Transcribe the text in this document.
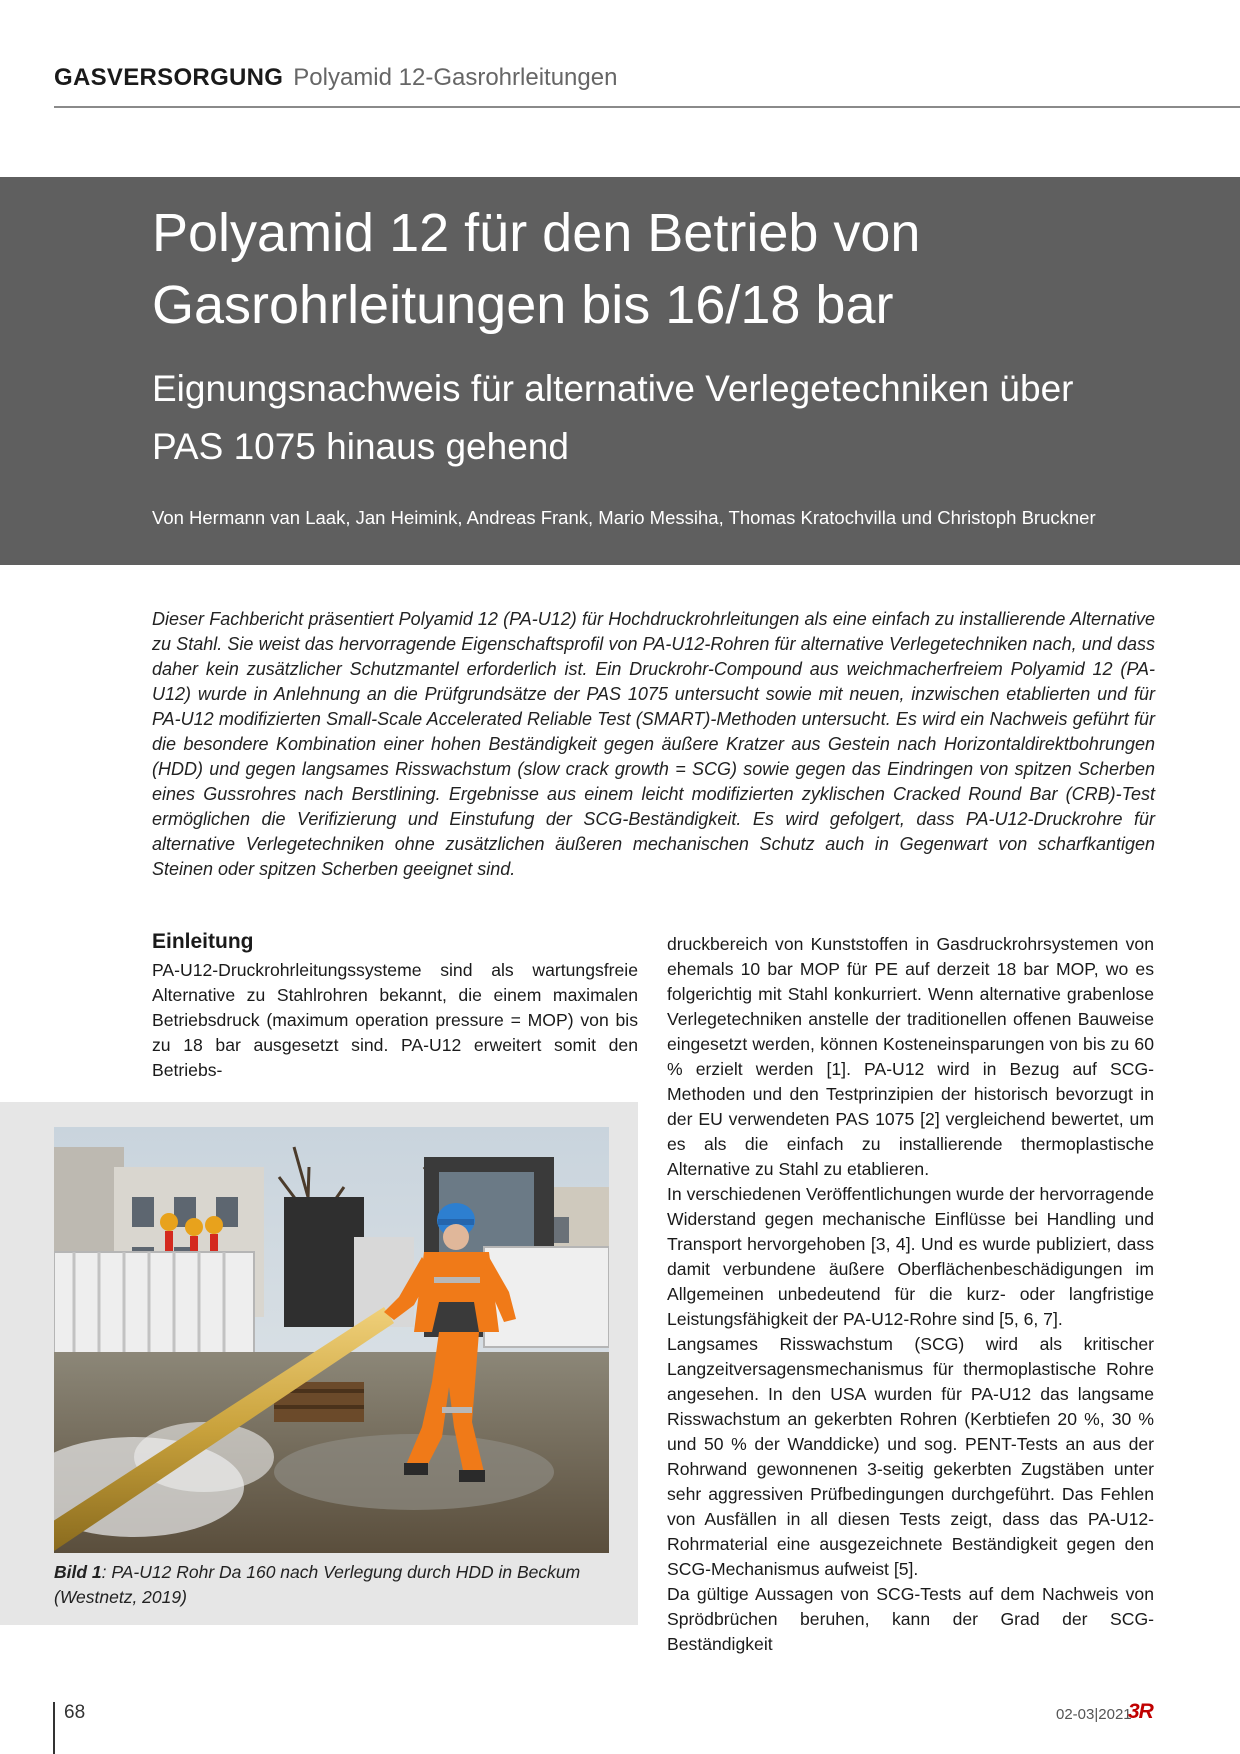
GASVERSORGUNG Polyamid 12-Gasrohrleitungen
Polyamid 12 für den Betrieb von
Gasrohrleitungen bis 16/18 bar
Eignungsnachweis für alternative Verlegetechniken über
PAS 1075 hinaus gehend
Von Hermann van Laak, Jan Heimink, Andreas Frank, Mario Messiha, Thomas Kratochvilla und Christoph Bruckner

Dieser Fachbericht präsentiert Polyamid 12 (PA-U12) für Hochdruckrohrleitungen als eine einfach zu installierende Alternative zu Stahl. Sie weist das hervorragende Eigenschaftsprofil von PA-U12-Rohren für alternative Verlegetechniken nach, und dass daher kein zusätzlicher Schutzmantel erforderlich ist. Ein Druckrohr-Compound aus weichmacherfreiem Polyamid 12 (PA-U12) wurde in Anlehnung an die Prüfgrundsätze der PAS 1075 untersucht sowie mit neuen, inzwischen etablierten und für PA-U12 modifizierten Small-Scale Accelerated Reliable Test (SMART)-Methoden untersucht. Es wird ein Nachweis geführt für die besondere Kombination einer hohen Beständigkeit gegen äußere Kratzer aus Gestein nach Horizontaldirektbohrungen (HDD) und gegen langsames Risswachstum (slow crack growth = SCG) sowie gegen das Eindringen von spitzen Scherben eines Gussrohres nach Berstlining. Ergebnisse aus einem leicht modifizierten zyklischen Cracked Round Bar (CRB)-Test ermöglichen die Verifizierung und Einstufung der SCG-Beständigkeit. Es wird gefolgert, dass PA-U12-Druckrohre für alternative Verlegetechniken ohne zusätzlichen äußeren mechanischen Schutz auch in Gegenwart von scharfkantigen Steinen oder spitzen Scherben geeignet sind.

Einleitung

PA-U12-Druckrohrleitungssysteme sind als wartungsfreie Alternative zu Stahlrohren bekannt, die einem maximalen Betriebsdruck (maximum operation pressure = MOP) von bis zu 18 bar ausgesetzt sind. PA-U12 erweitert somit den Betriebs-

druckbereich von Kunststoffen in Gasdruckrohrsystemen von ehemals 10 bar MOP für PE auf derzeit 18 bar MOP, wo es folgerichtig mit Stahl konkurriert. Wenn alternative grabenlose Verlegetechniken anstelle der traditionellen offenen Bauweise eingesetzt werden, können Kosteneinsparungen von bis zu 60 % erzielt werden [1]. PA-U12 wird in Bezug auf SCG-Methoden und den Testprinzipien der historisch bevorzugt in der EU verwendeten PAS 1075 [2] vergleichend bewertet, um es als die einfach zu installierende thermoplastische Alternative zu Stahl zu etablieren.

In verschiedenen Veröffentlichungen wurde der hervorragende Widerstand gegen mechanische Einflüsse bei Handling und Transport hervorgehoben [3, 4]. Und es wurde publiziert, dass damit verbundene äußere Oberflächenbeschädigungen im Allgemeinen unbedeutend für die kurz- oder langfristige Leistungsfähigkeit der PA-U12-Rohre sind [5, 6, 7].

Langsames Risswachstum (SCG) wird als kritischer Langzeitversagensmechanismus für thermoplastische Rohre angesehen. In den USA wurden für PA-U12 das langsame Risswachstum an gekerbten Rohren (Kerbtiefen 20 %, 30 % und 50 % der Wanddicke) und sog. PENT-Tests an aus der Rohrwand gewonnenen 3-seitig gekerbten Zugstäben unter sehr aggressiven Prüfbedingungen durchgeführt. Das Fehlen von Ausfällen in all diesen Tests zeigt, dass das PA-U12-Rohrmaterial eine ausgezeichnete Beständigkeit gegen den SCG-Mechanismus aufweist [5].

Da gültige Aussagen von SCG-Tests auf dem Nachweis von Sprödbrüchen beruhen, kann der Grad der SCG-Beständigkeit

Bild 1: PA-U12 Rohr Da 160 nach Verlegung durch HDD in Beckum (Westnetz, 2019)
68	02-03|2021
3R
